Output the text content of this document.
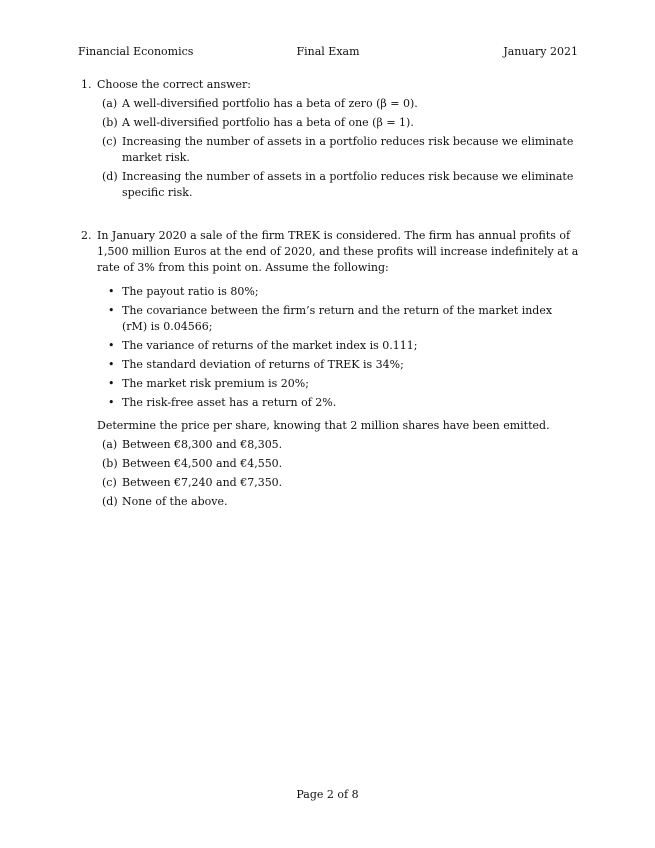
Financial Economics	Final Exam	January 2021
1. Choose the correct answer:
(a) A well-diversified portfolio has a beta of zero (β = 0).
(b) A well-diversified portfolio has a beta of one (β = 1).
(c) Increasing the number of assets in a portfolio reduces risk because we eliminate market risk.
(d) Increasing the number of assets in a portfolio reduces risk because we eliminate specific risk.
2. In January 2020 a sale of the firm TREK is considered. The firm has annual profits of 1,500 million Euros at the end of 2020, and these profits will increase indefinitely at a rate of 3% from this point on. Assume the following:
• The payout ratio is 80%;
• The covariance between the firm’s return and the return of the market index (rM) is 0.04566;
• The variance of returns of the market index is 0.111;
• The standard deviation of returns of TREK is 34%;
• The market risk premium is 20%;
• The risk-free asset has a return of 2%.
Determine the price per share, knowing that 2 million shares have been emitted.
(a) Between €8,300 and €8,305.
(b) Between €4,500 and €4,550.
(c) Between €7,240 and €7,350.
(d) None of the above.
Page 2 of 8
